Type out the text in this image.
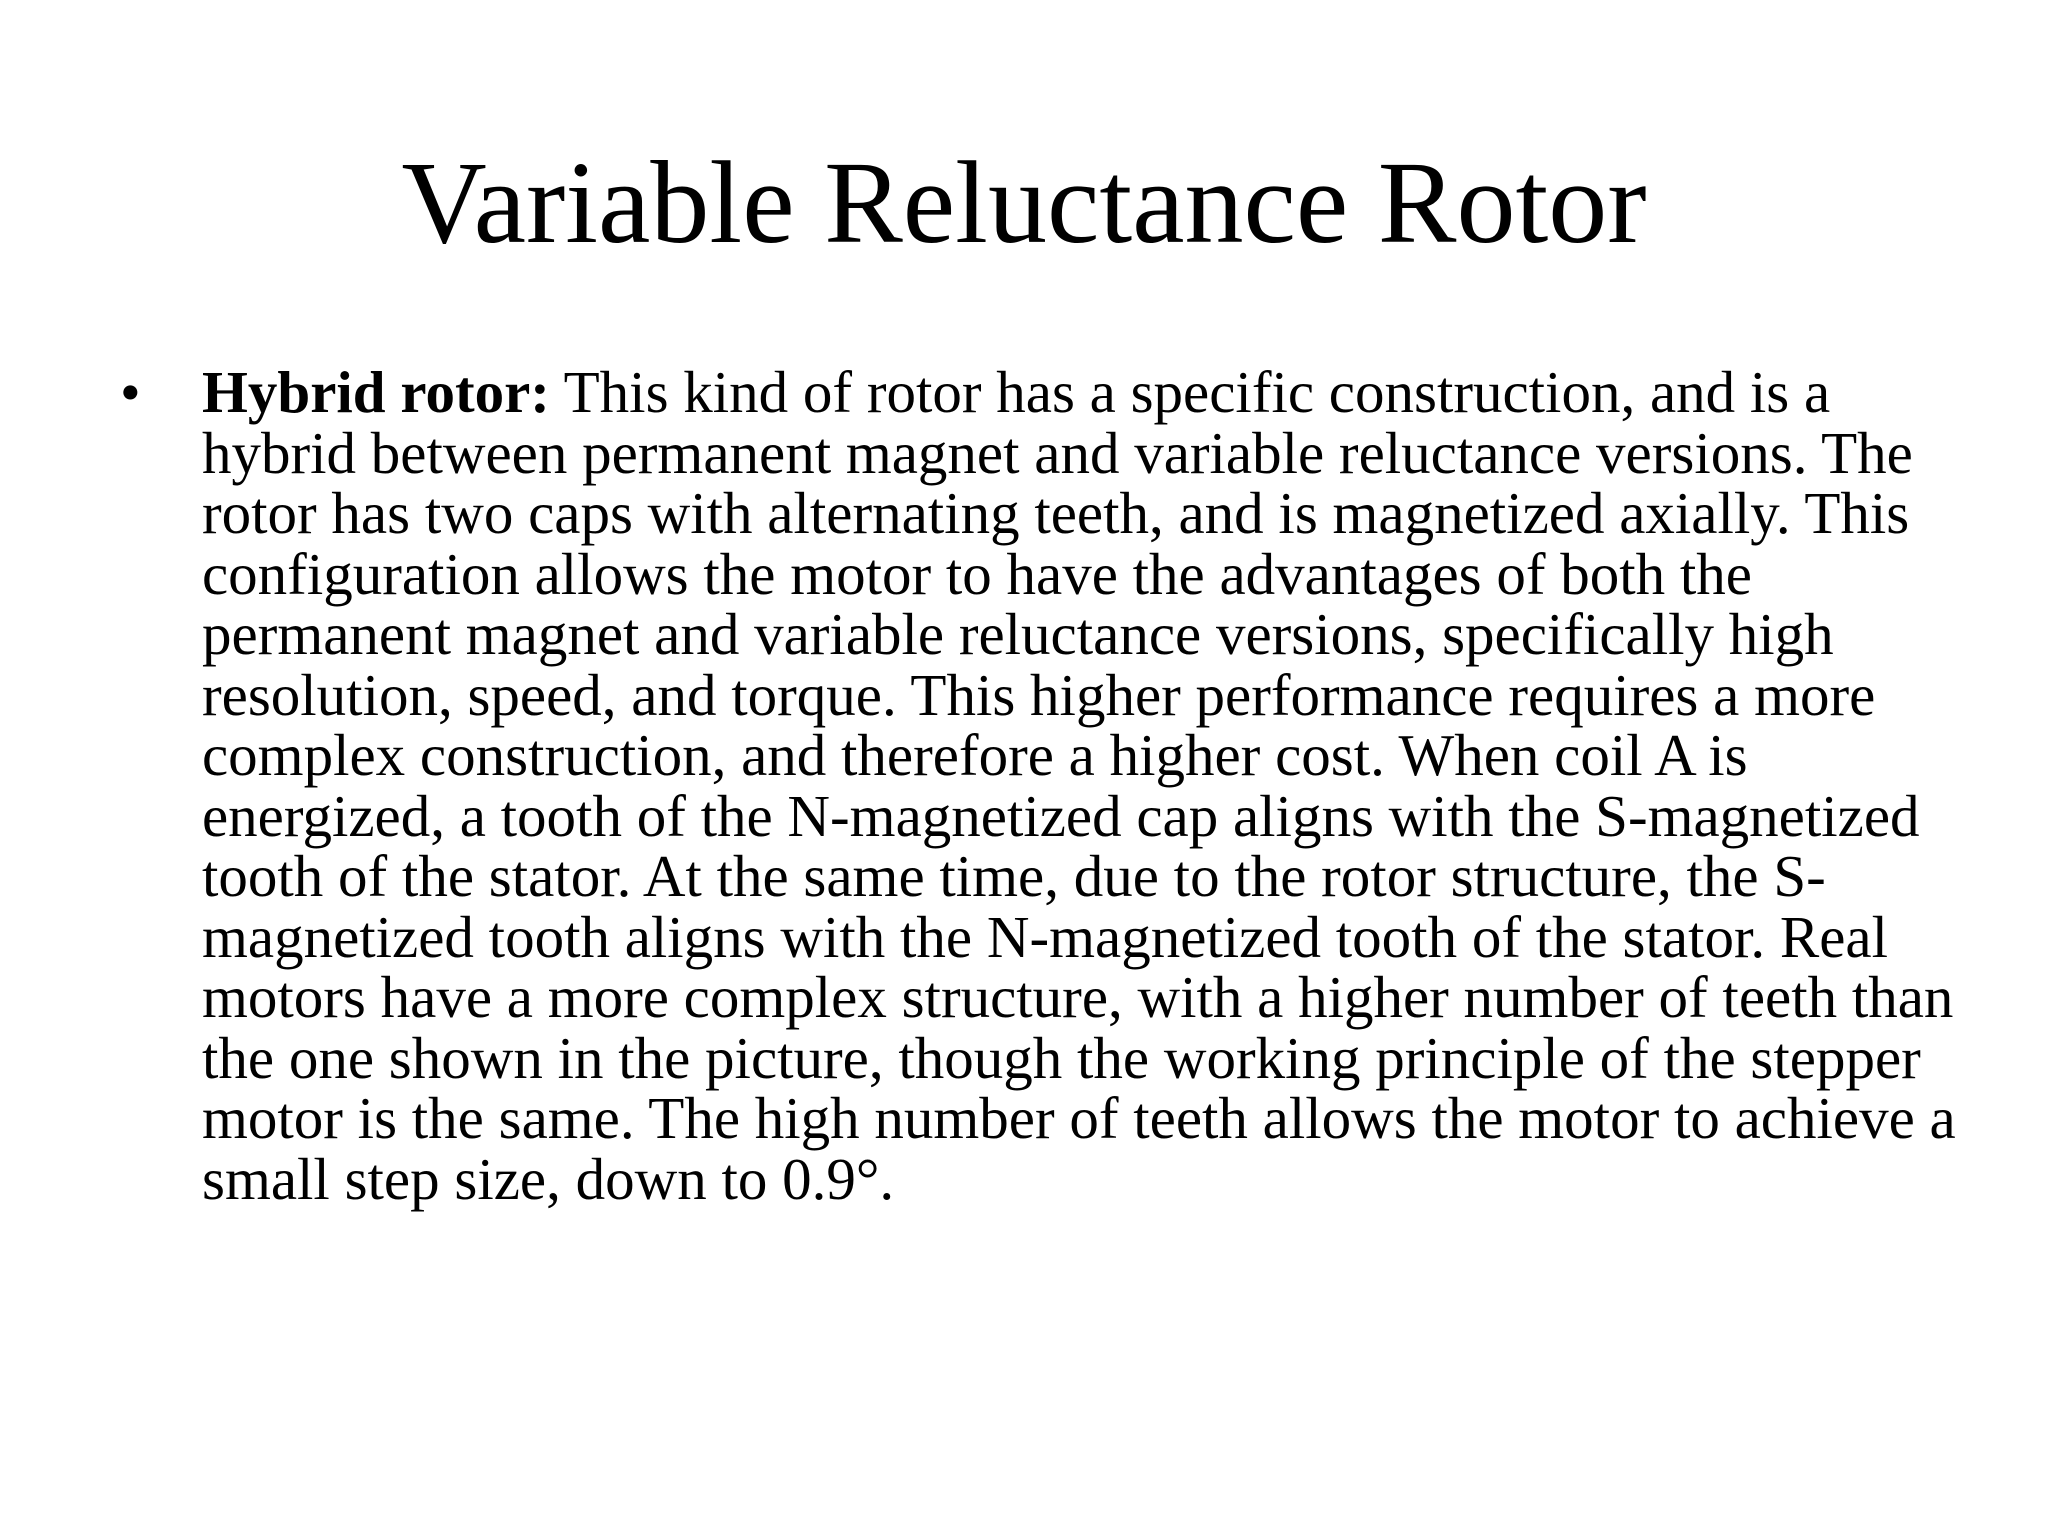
Variable Reluctance Rotor
•	Hybrid rotor: This kind of rotor has a specific construction, and is a hybrid between permanent magnet and variable reluctance versions. The rotor has two caps with alternating teeth, and is magnetized axially. This configuration allows the motor to have the advantages of both the permanent magnet and variable reluctance versions, specifically high resolution, speed, and torque. This higher performance requires a more complex construction, and therefore a higher cost. When coil A is energized, a tooth of the N-magnetized cap aligns with the S-magnetized tooth of the stator. At the same time, due to the rotor structure, the S-magnetized tooth aligns with the N-magnetized tooth of the stator. Real motors have a more complex structure, with a higher number of teeth than the one shown in the picture, though the working principle of the stepper motor is the same. The high number of teeth allows the motor to achieve a small step size, down to 0.9°.
